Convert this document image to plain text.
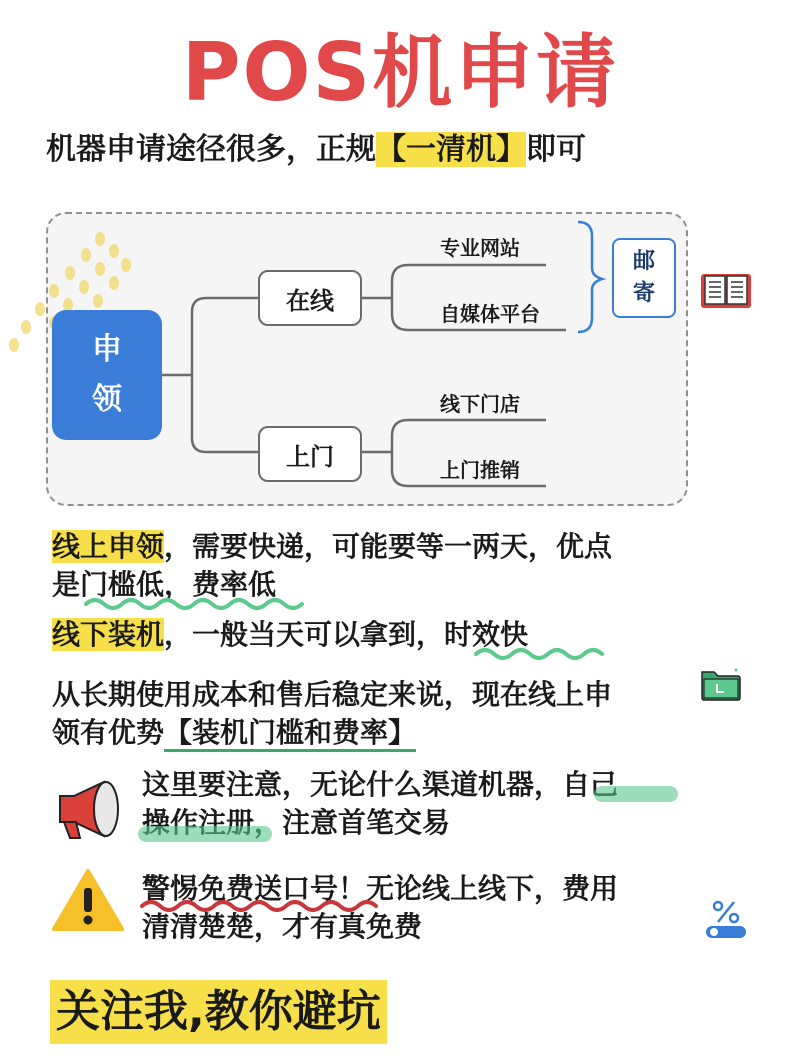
POS机申请
机器申请途径很多，正规【一清机】即可
申
领
在线
上门
专业网站
自媒体平台
线下门店
上门推销
邮
寄
线上申领，需要快递，可能要等一两天，优点
是门槛低，费率低
线下装机，一般当天可以拿到，时效快
从长期使用成本和售后稳定来说，现在线上申
领有优势【装机门槛和费率】
这里要注意，无论什么渠道机器，自己
操作注册，注意首笔交易
警惕免费送口号！无论线上线下，费用
清清楚楚，才有真免费
关注我,教你避坑
